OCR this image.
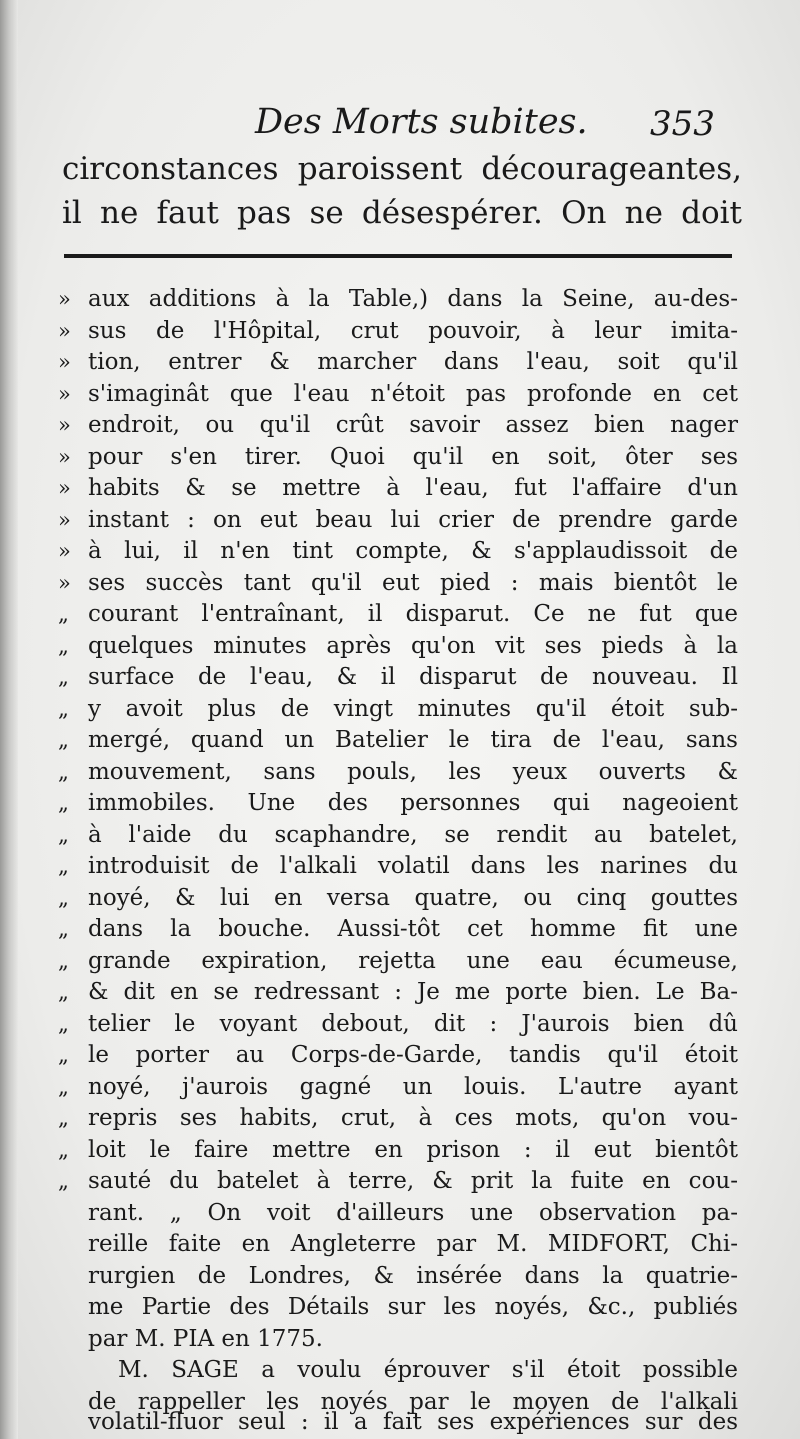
Des Morts subites. 353
circonstances paroissent décourageantes,
il ne faut pas se désespérer. On ne doit
» aux additions à la Table,) dans la Seine, au-des-
» sus de l'Hôpital, crut pouvoir, à leur imita-
» tion, entrer & marcher dans l'eau, soit qu'il
» s'imaginât que l'eau n'étoit pas profonde en cet
» endroit, ou qu'il crût savoir assez bien nager
» pour s'en tirer. Quoi qu'il en soit, ôter ses
» habits & se mettre à l'eau, fut l'affaire d'un
» instant : on eut beau lui crier de prendre garde
» à lui, il n'en tint compte, & s'applaudissoit de
» ses succès tant qu'il eut pied : mais bientôt le
„ courant l'entraînant, il disparut. Ce ne fut que
„ quelques minutes après qu'on vit ses pieds à la
„ surface de l'eau, & il disparut de nouveau. Il
„ y avoit plus de vingt minutes qu'il étoit sub-
„ mergé, quand un Batelier le tira de l'eau, sans
„ mouvement, sans pouls, les yeux ouverts &
„ immobiles. Une des personnes qui nageoient
„ à l'aide du scaphandre, se rendit au batelet,
„ introduisit de l'alkali volatil dans les narines du
„ noyé, & lui en versa quatre, ou cinq gouttes
„ dans la bouche. Aussi-tôt cet homme fit une
„ grande expiration, rejetta une eau écumeuse,
„ & dit en se redressant : Je me porte bien. Le Ba-
„ telier le voyant debout, dit : J'aurois bien dû
„ le porter au Corps-de-Garde, tandis qu'il étoit
„ noyé, j'aurois gagné un louis. L'autre ayant
„ repris ses habits, crut, à ces mots, qu'on vou-
„ loit le faire mettre en prison : il eut bientôt
„ sauté du batelet à terre, & prit la fuite en cou-
rant. „ On voit d'ailleurs une observation pa-
reille faite en Angleterre par M. MIDFORT, Chi-
rurgien de Londres, & insérée dans la quatrie-
me Partie des Détails sur les noyés, &c., publiés
par M. PIA en 1775.
M. SAGE a voulu éprouver s'il étoit possible
de rappeller les noyés par le moyen de l'alkali
volatil-fluor seul : il a fait ses expériences sur des
